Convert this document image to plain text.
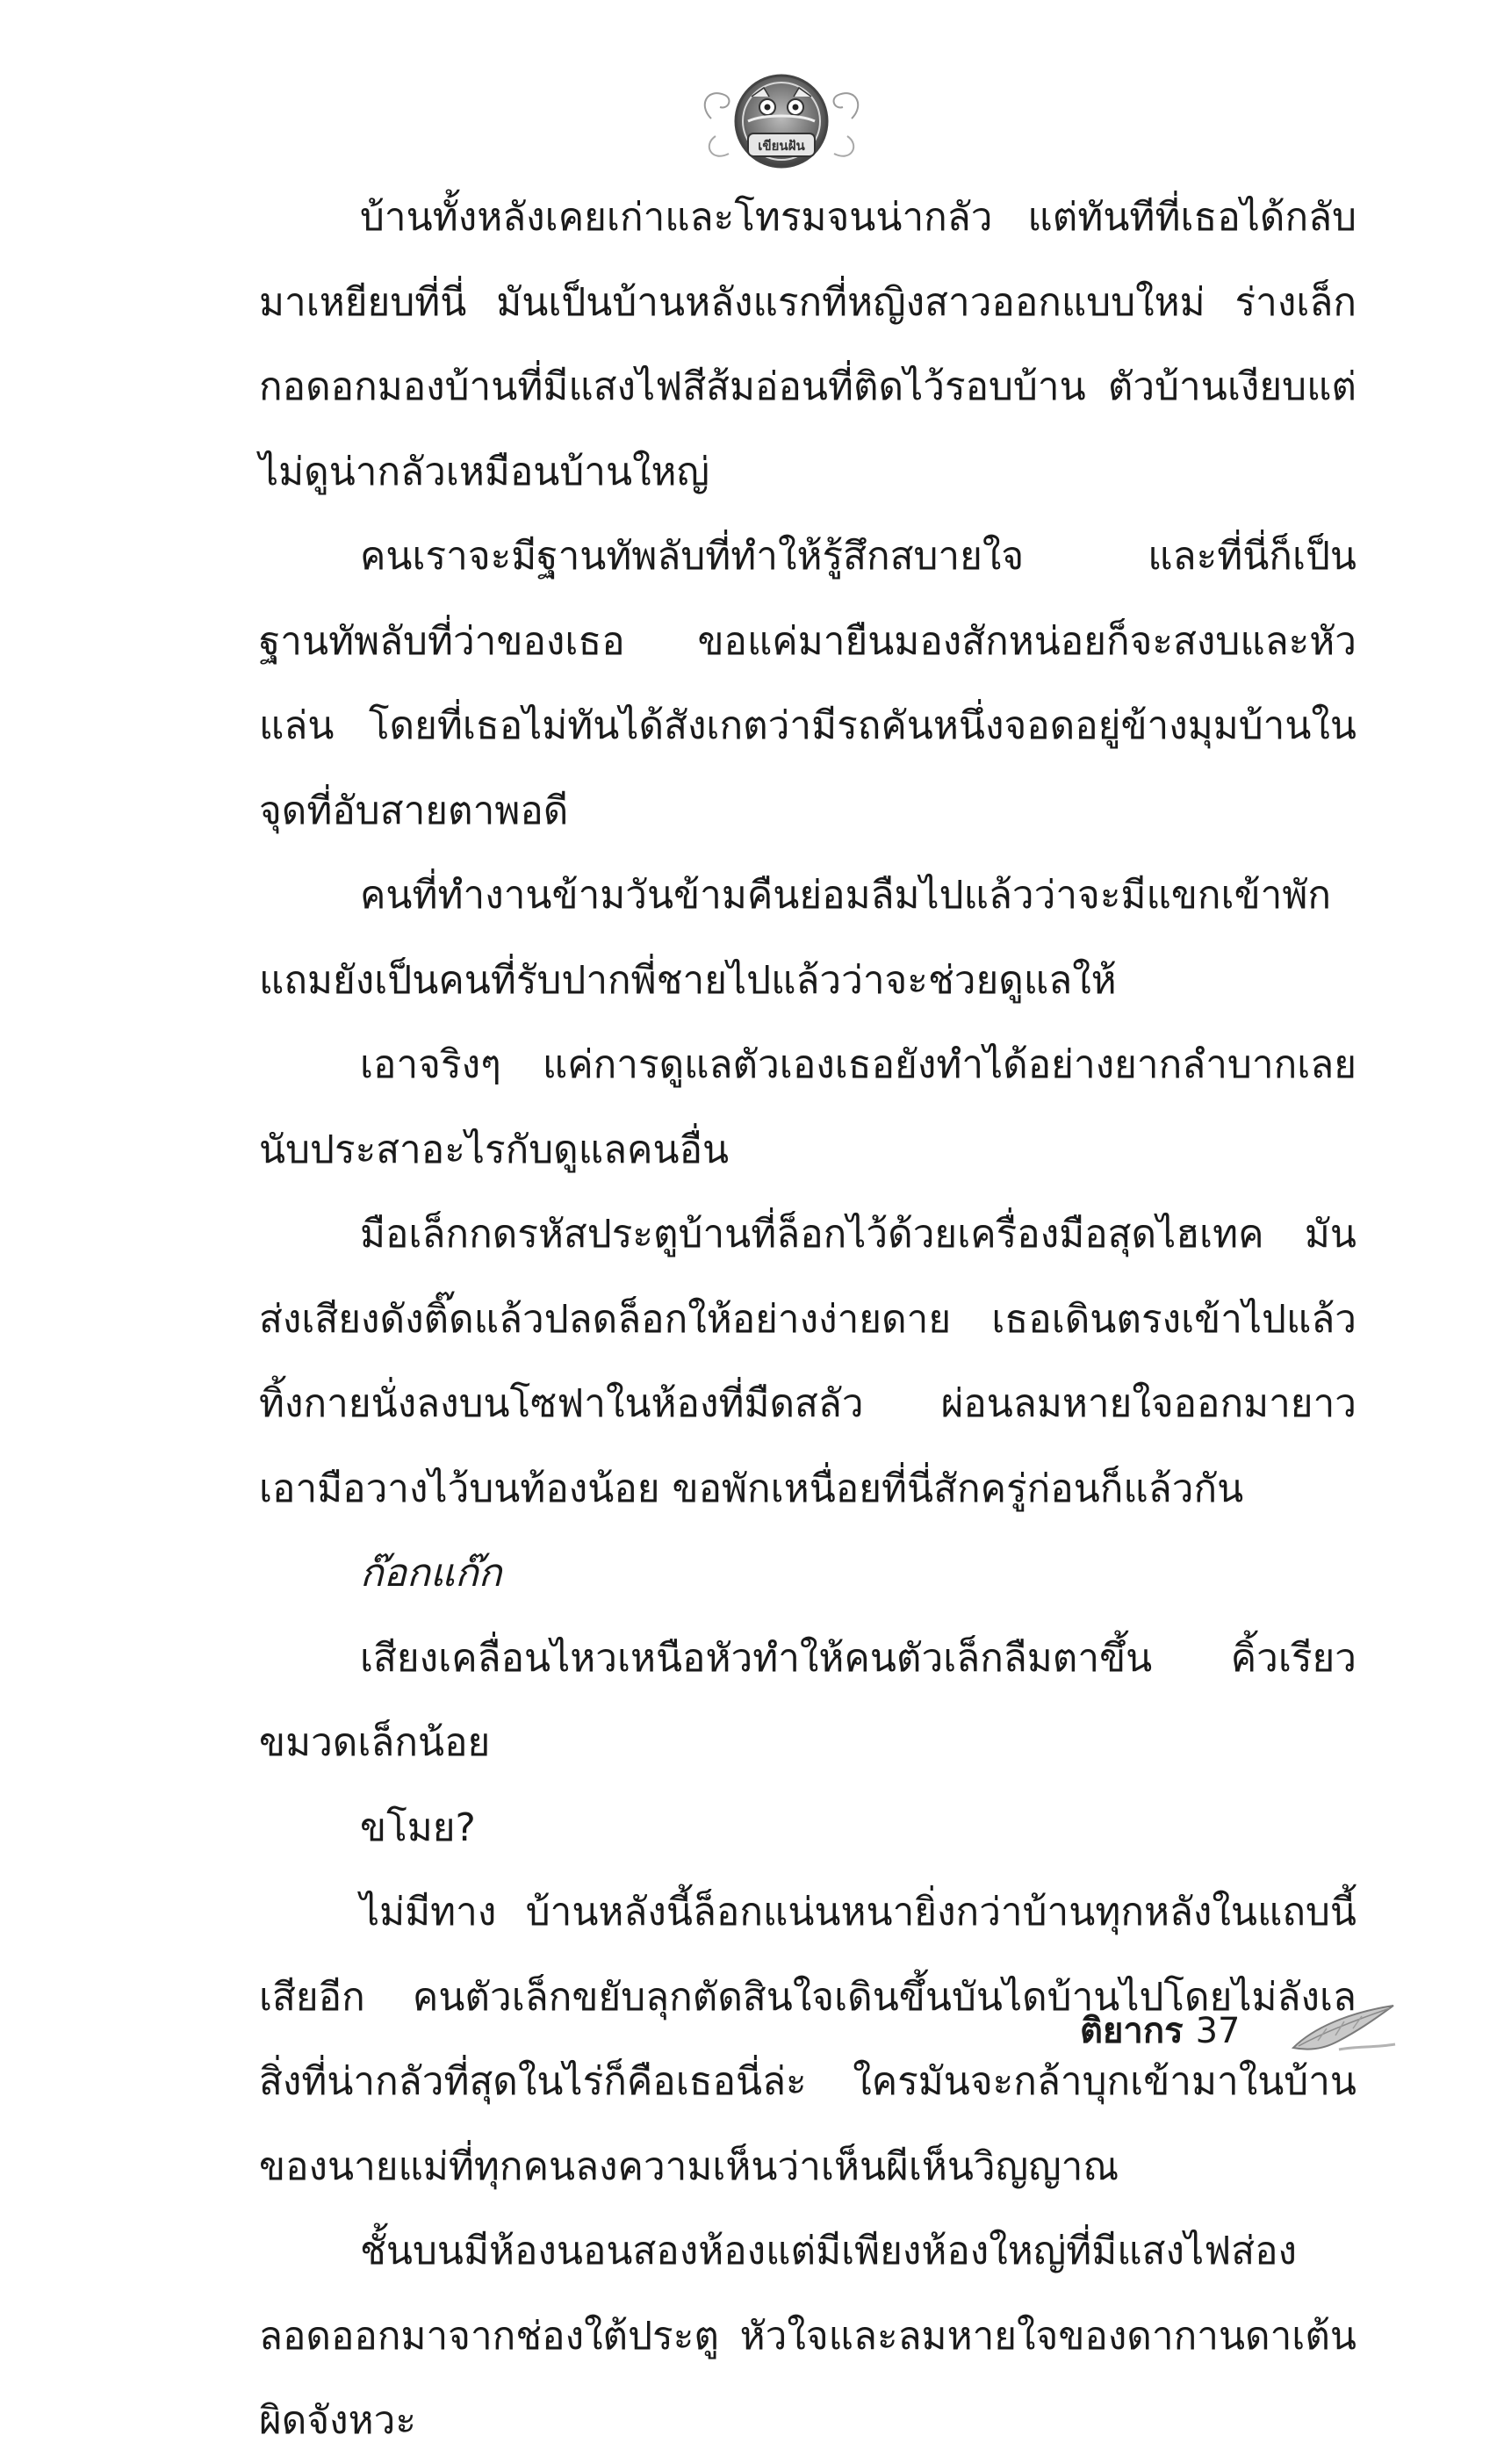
เขียนฝัน

บ้านทั้งหลังเคยเก่าและโทรมจนน่ากลัว แต่ทันทีที่เธอได้กลับมาเหยียบที่นี่ มันเป็นบ้านหลังแรกที่หญิงสาวออกแบบใหม่ ร่างเล็กกอดอกมองบ้านที่มีแสงไฟสีส้มอ่อนที่ติดไว้รอบบ้าน ตัวบ้านเงียบแต่ไม่ดูน่ากลัวเหมือนบ้านใหญ่

คนเราจะมีฐานทัพลับที่ทำให้รู้สึกสบายใจ และที่นี่ก็เป็นฐานทัพลับที่ว่าของเธอ ขอแค่มายืนมองสักหน่อยก็จะสงบและหัวแล่น โดยที่เธอไม่ทันได้สังเกตว่ามีรถคันหนึ่งจอดอยู่ข้างมุมบ้านในจุดที่อับสายตาพอดี

คนที่ทำงานข้ามวันข้ามคืนย่อมลืมไปแล้วว่าจะมีแขกเข้าพักแถมยังเป็นคนที่รับปากพี่ชายไปแล้วว่าจะช่วยดูแลให้

เอาจริงๆ แค่การดูแลตัวเองเธอยังทำได้อย่างยากลำบากเลยนับประสาอะไรกับดูแลคนอื่น

มือเล็กกดรหัสประตูบ้านที่ล็อกไว้ด้วยเครื่องมือสุดไฮเทค มันส่งเสียงดังติ๊ดแล้วปลดล็อกให้อย่างง่ายดาย เธอเดินตรงเข้าไปแล้วทิ้งกายนั่งลงบนโซฟาในห้องที่มืดสลัว ผ่อนลมหายใจออกมายาว เอามือวางไว้บนท้องน้อย ขอพักเหนื่อยที่นี่สักครู่ก่อนก็แล้วกัน

ก๊อกแก๊ก

เสียงเคลื่อนไหวเหนือหัวทำให้คนตัวเล็กลืมตาขึ้น คิ้วเรียวขมวดเล็กน้อย

ขโมย?

ไม่มีทาง บ้านหลังนี้ล็อกแน่นหนายิ่งกว่าบ้านทุกหลังในแถบนี้เสียอีก คนตัวเล็กขยับลุกตัดสินใจเดินขึ้นบันไดบ้านไปโดยไม่ลังเลสิ่งที่น่ากลัวที่สุดในไร่ก็คือเธอนี่ล่ะ ใครมันจะกล้าบุกเข้ามาในบ้านของนายแม่ที่ทุกคนลงความเห็นว่าเห็นผีเห็นวิญญาณ

ชั้นบนมีห้องนอนสองห้องแต่มีเพียงห้องใหญ่ที่มีแสงไฟส่องลอดออกมาจากช่องใต้ประตู หัวใจและลมหายใจของดากานดาเต้นผิดจังหวะ

ติยากร 37
